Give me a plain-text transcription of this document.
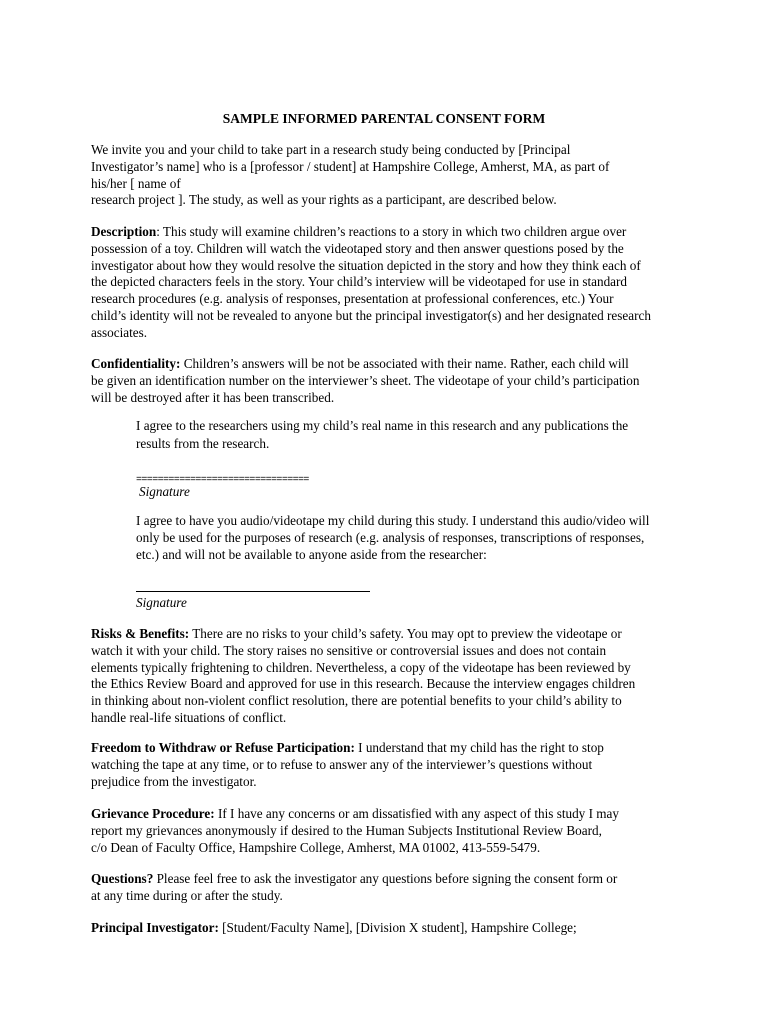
SAMPLE INFORMED PARENTAL CONSENT FORM
We invite you and your child to take part in a research study being conducted by [Principal
Investigator’s name] who is a [professor / student] at Hampshire College, Amherst, MA, as part of
his/her [ name of
research project ]. The study, as well as your rights as a participant, are described below.
Description: This study will examine children’s reactions to a story in which two children argue over
possession of a toy. Children will watch the videotaped story and then answer questions posed by the
investigator about how they would resolve the situation depicted in the story and how they think each of
the depicted characters feels in the story. Your child’s interview will be videotaped for use in standard
research procedures (e.g. analysis of responses, presentation at professional conferences, etc.) Your
child’s identity will not be revealed to anyone but the principal investigator(s) and her designated research
associates.
Confidentiality: Children’s answers will be not be associated with their name. Rather, each child will
be given an identification number on the interviewer’s sheet. The videotape of your child’s participation
will be destroyed after it has been transcribed.
I agree to the researchers using my child’s real name in this research and any publications the
results from the research.
================================
Signature
I agree to have you audio/videotape my child during this study. I understand this audio/video will
only be used for the purposes of research (e.g. analysis of responses, transcriptions of responses,
etc.) and will not be available to anyone aside from the researcher:
Signature
Risks & Benefits: There are no risks to your child’s safety. You may opt to preview the videotape or
watch it with your child. The story raises no sensitive or controversial issues and does not contain
elements typically frightening to children. Nevertheless, a copy of the videotape has been reviewed by
the Ethics Review Board and approved for use in this research. Because the interview engages children
in thinking about non-violent conflict resolution, there are potential benefits to your child’s ability to
handle real-life situations of conflict.
Freedom to Withdraw or Refuse Participation: I understand that my child has the right to stop
watching the tape at any time, or to refuse to answer any of the interviewer’s questions without
prejudice from the investigator.
Grievance Procedure: If I have any concerns or am dissatisfied with any aspect of this study I may
report my grievances anonymously if desired to the Human Subjects Institutional Review Board,
c/o Dean of Faculty Office, Hampshire College, Amherst, MA 01002, 413-559-5479.
Questions? Please feel free to ask the investigator any questions before signing the consent form or
at any time during or after the study.
Principal Investigator: [Student/Faculty Name], [Division X student], Hampshire College;
